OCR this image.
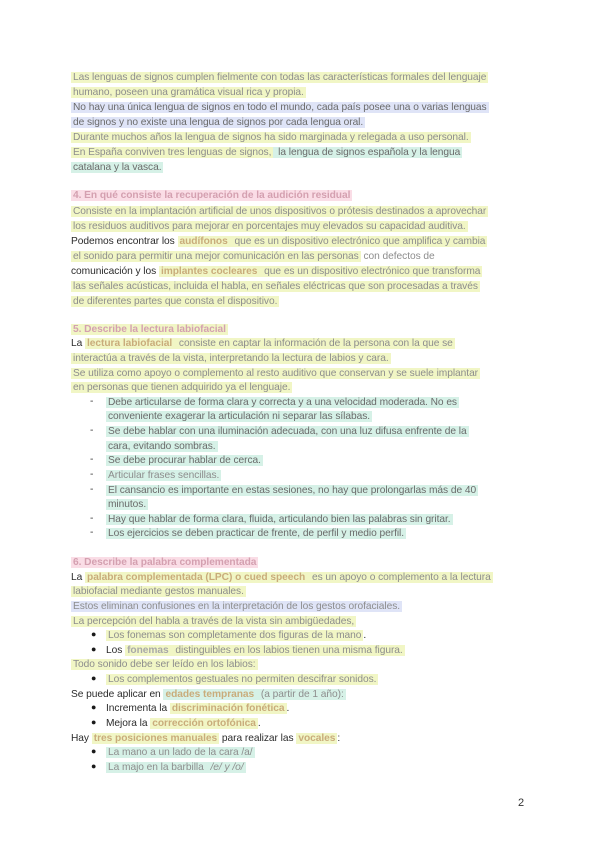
Las lenguas de signos cumplen fielmente con todas las características formales del lenguaje
humano, poseen una gramática visual rica y propia.
No hay una única lengua de signos en todo el mundo, cada país posee una o varias lenguas
de signos y no existe una lengua de signos por cada lengua oral.
Durante muchos años la lengua de signos ha sido marginada y relegada a uso personal.
En España conviven tres lenguas de signos, la lengua de signos española y la lengua
catalana y la vasca.
4. En qué consiste la recuperación de la audición residual
Consiste en la implantación artificial de unos dispositivos o prótesis destinados a aprovechar
los residuos auditivos para mejorar en porcentajes muy elevados su capacidad auditiva.
Podemos encontrar los audífonos que es un dispositivo electrónico que amplifica y cambia
el sonido para permitir una mejor comunicación en las personas con defectos de
comunicación y los implantes cocleares que es un dispositivo electrónico que transforma
las señales acústicas, incluida el habla, en señales eléctricas que son procesadas a través
de diferentes partes que consta el dispositivo.
5. Describe la lectura labiofacial
La lectura labiofacial consiste en captar la información de la persona con la que se
interactúa a través de la vista, interpretando la lectura de labios y cara.
Se utiliza como apoyo o complemento al resto auditivo que conservan y se suele implantar
en personas que tienen adquirido ya el lenguaje.
- Debe articularse de forma clara y correcta y a una velocidad moderada. No es
conveniente exagerar la articulación ni separar las sílabas.
- Se debe hablar con una iluminación adecuada, con una luz difusa enfrente de la
cara, evitando sombras.
- Se debe procurar hablar de cerca.
- Articular frases sencillas.
- El cansancio es importante en estas sesiones, no hay que prolongarlas más de 40
minutos.
- Hay que hablar de forma clara, fluida, articulando bien las palabras sin gritar.
- Los ejercicios se deben practicar de frente, de perfil y medio perfil.
6. Describe la palabra complementada
La palabra complementada (LPC) o cued speech es un apoyo o complemento a la lectura
labiofacial mediante gestos manuales.
Estos eliminan confusiones en la interpretación de los gestos orofaciales.
La percepción del habla a través de la vista sin ambigüedades,
● Los fonemas son completamente dos figuras de la mano .
● Los fonemas distinguibles en los labios tienen una misma figura.
Todo sonido debe ser leído en los labios:
● Los complementos gestuales no permiten descifrar sonidos.
Se puede aplicar en edades tempranas (a partir de 1 año):
● Incrementa la discriminación fonética .
● Mejora la corrección ortofónica .
Hay tres posiciones manuales para realizar las vocales :
● La mano a un lado de la cara /a/
● La majo en la barbilla /e/ y /o/
2
